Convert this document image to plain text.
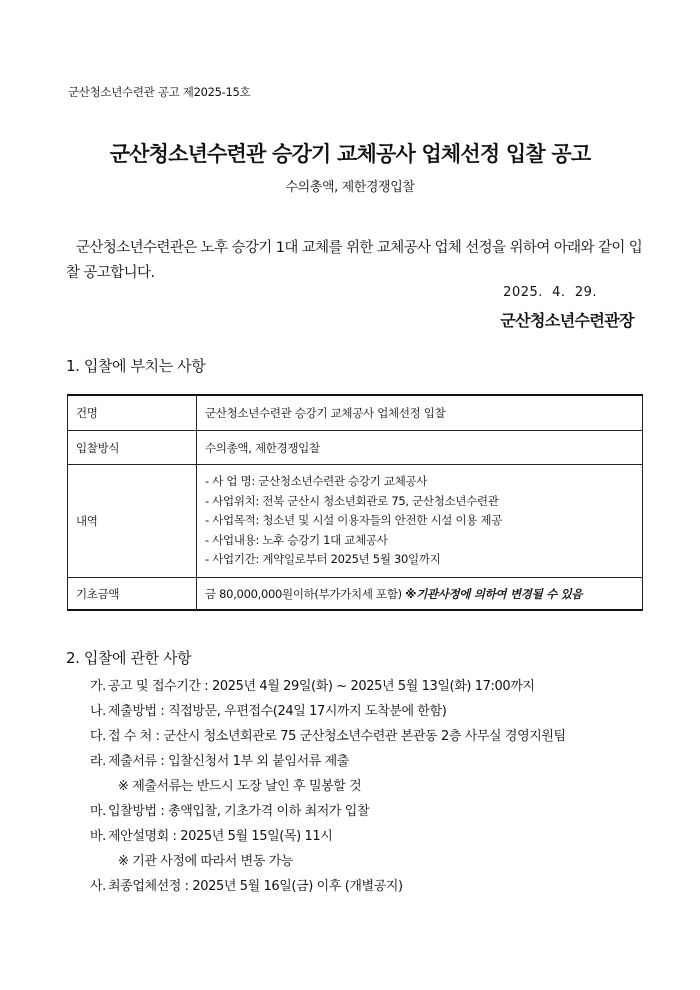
군산청소년수련관 공고 제2025-15호
군산청소년수련관 승강기 교체공사 업체선정 입찰 공고
수의총액, 제한경쟁입찰
군산청소년수련관은 노후 승강기 1대 교체를 위한 교체공사 업체 선정을 위하여 아래와 같이 입찰 공고합니다.
2025.  4.  29.
군산청소년수련관장
1. 입찰에 부치는 사항
건명	군산청소년수련관 승강기 교체공사 업체선정 입찰
입찰방식	수의총액, 제한경쟁입찰
내역	- 사 업 명: 군산청소년수련관 승강기 교체공사
- 사업위치: 전북 군산시 청소년회관로 75, 군산청소년수련관
- 사업목적: 청소년 및 시설 이용자들의 안전한 시설 이용 제공
- 사업내용: 노후 승강기 1대 교체공사
- 사업기간: 계약일로부터 2025년 5월 30일까지

기초금액	금 80,000,000원이하(부가가치세 포함) ※기관사정에 의하여 변경될 수 있음
2. 입찰에 관한 사항
가. 공고 및 접수기간 : 2025년 4월 29일(화) ~ 2025년 5월 13일(화) 17:00까지
나. 제출방법 : 직접방문, 우편접수(24일 17시까지 도착분에 한함)
다. 접 수 처 : 군산시 청소년회관로 75 군산청소년수련관 본관동 2층 사무실 경영지원팀
라. 제출서류 : 입찰신청서 1부 외 붙임서류 제출
※ 제출서류는 반드시 도장 날인 후 밀봉할 것
마. 입찰방법 : 총액입찰, 기초가격 이하 최저가 입찰
바. 제안설명회 : 2025년 5월 15일(목) 11시
※ 기관 사정에 따라서 변동 가능
사. 최종업체선정 : 2025년 5월 16일(금) 이후 (개별공지)
